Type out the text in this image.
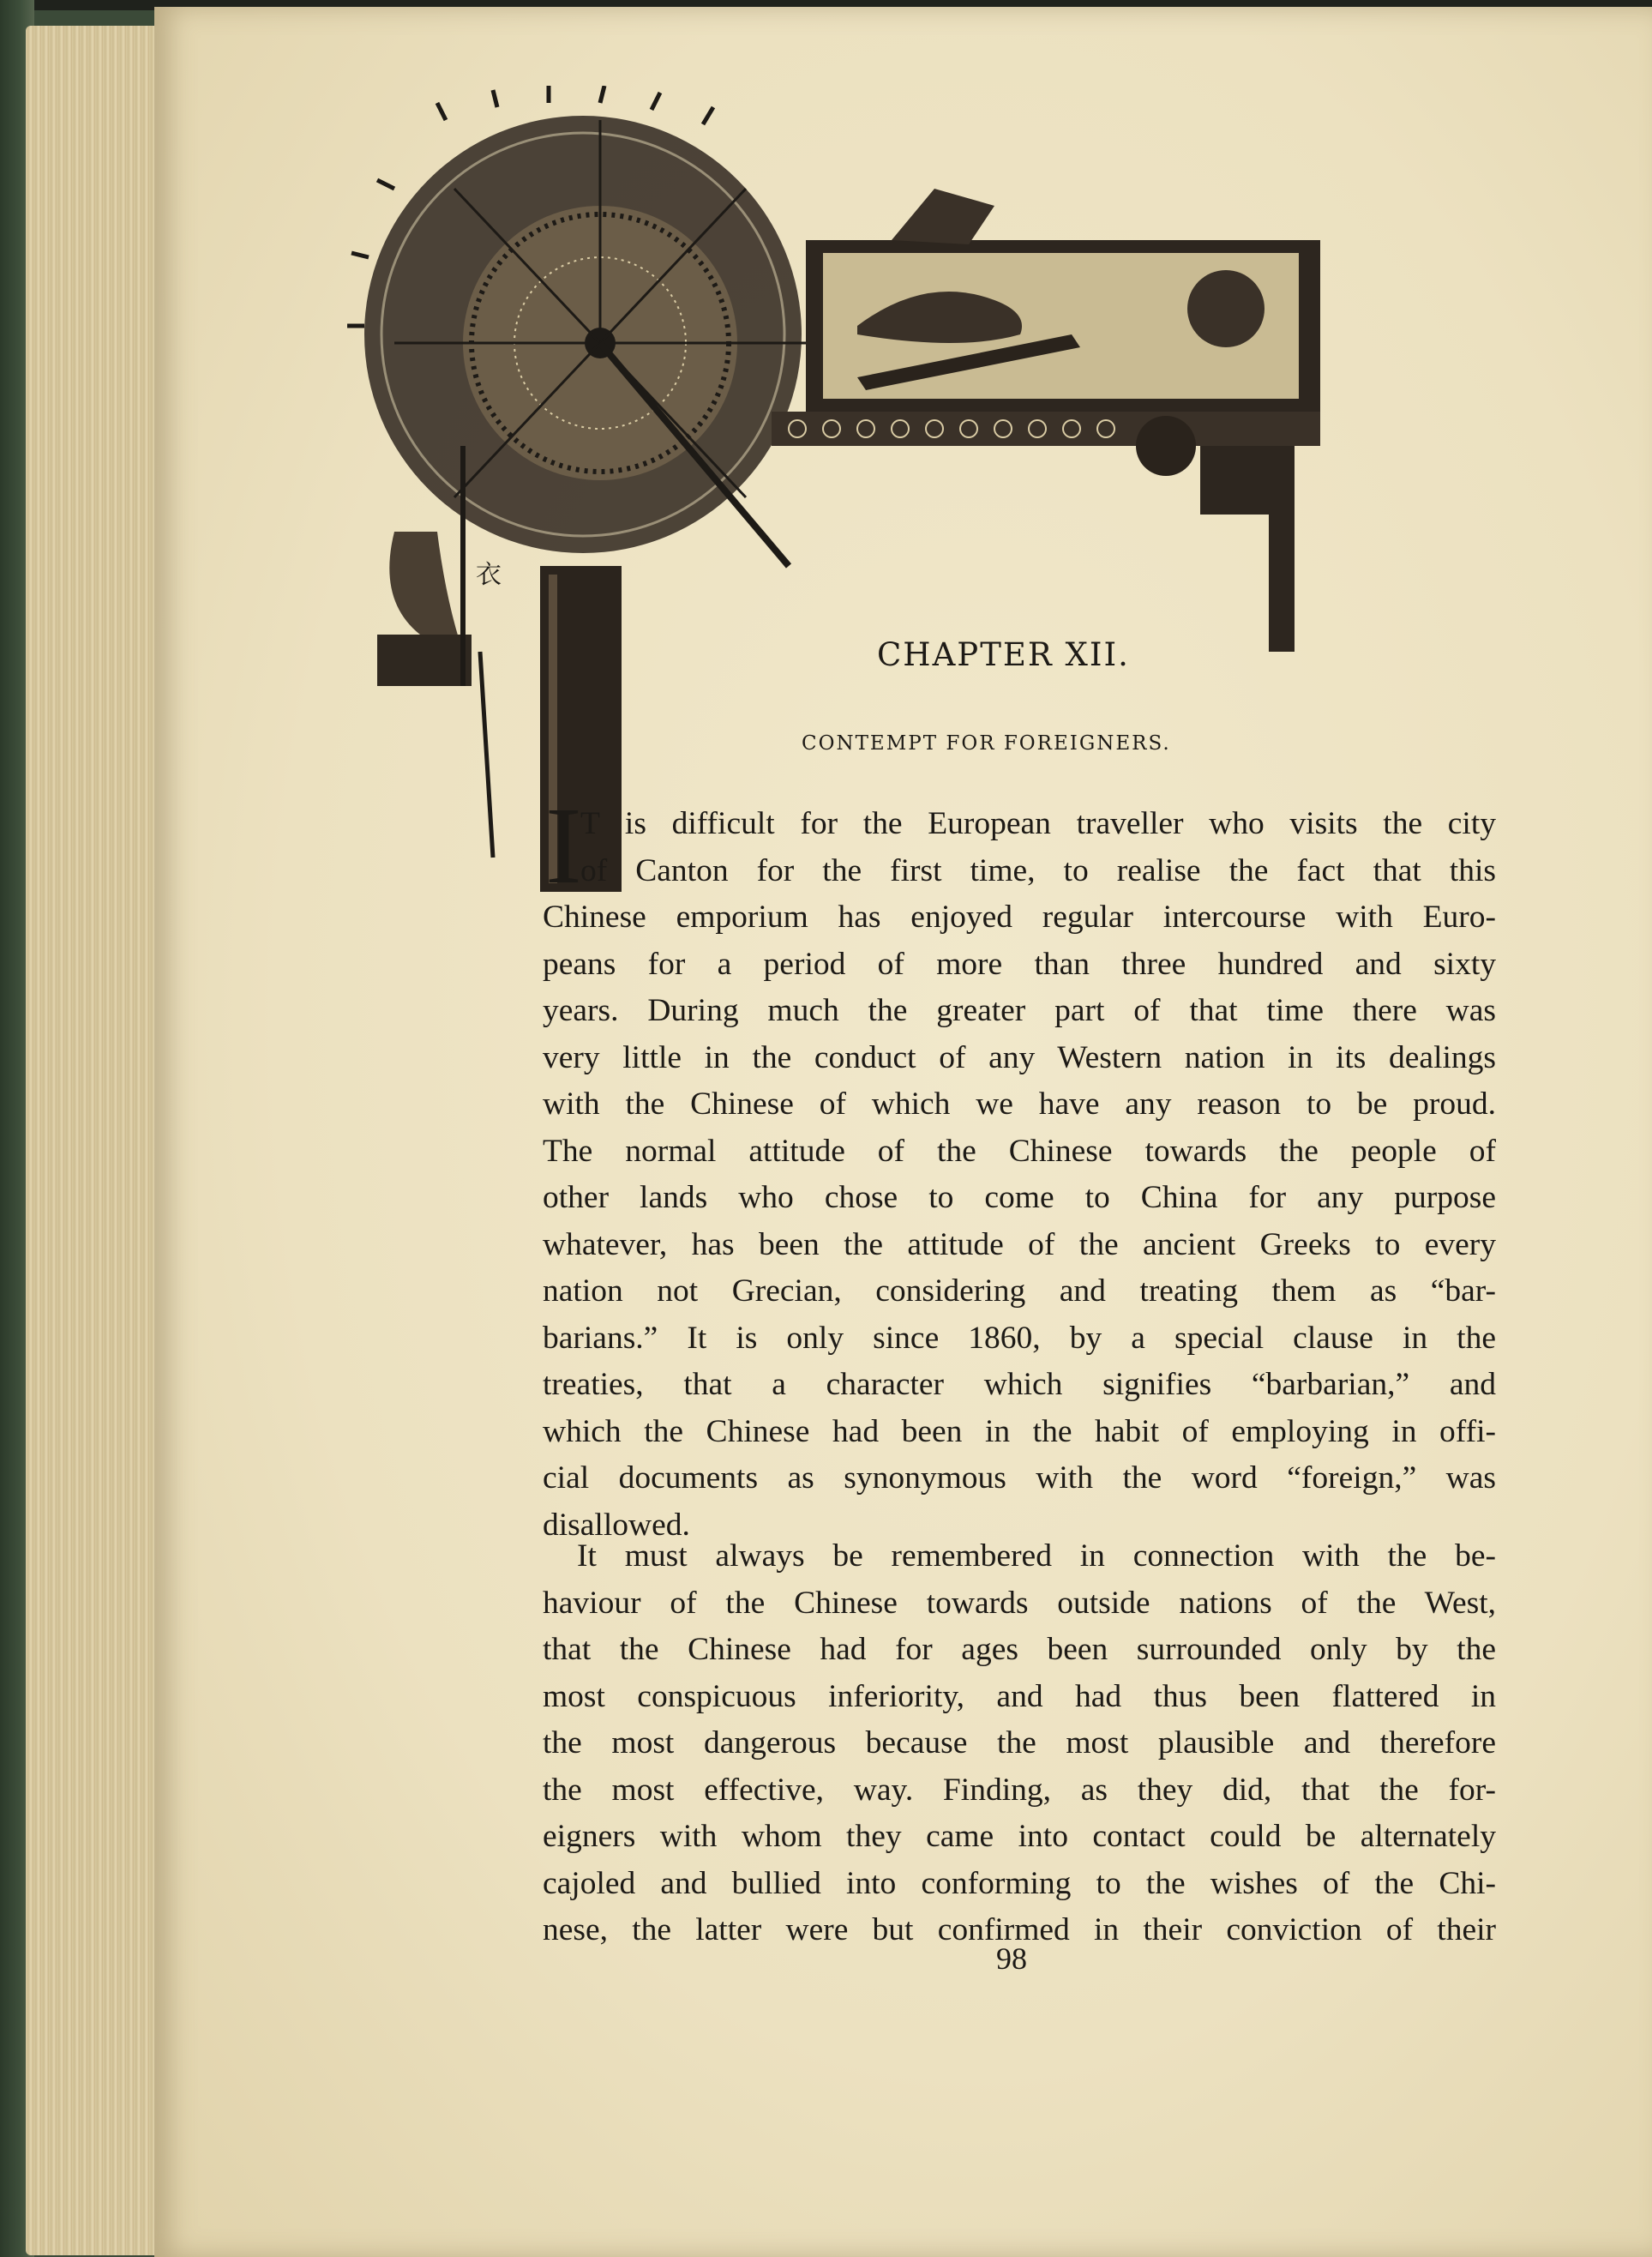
衣
CHAPTER XII.
CONTEMPT FOR FOREIGNERS.
I
T is difficult for the European traveller who visits the city
of Canton for the first time, to realise the fact that this
Chinese emporium has enjoyed regular intercourse with Euro-
peans for a period of more than three hundred and sixty
years. During much the greater part of that time there was
very little in the conduct of any Western nation in its dealings
with the Chinese of which we have any reason to be proud.
The normal attitude of the Chinese towards the people of
other lands who chose to come to China for any purpose
whatever, has been the attitude of the ancient Greeks to every
nation not Grecian, considering and treating them as “bar-
barians.” It is only since 1860, by a special clause in the
treaties, that a character which signifies “barbarian,” and
which the Chinese had been in the habit of employing in offi-
cial documents as synonymous with the word “foreign,” was
disallowed.
It must always be remembered in connection with the be-
haviour of the Chinese towards outside nations of the West,
that the Chinese had for ages been surrounded only by the
most conspicuous inferiority, and had thus been flattered in
the most dangerous because the most plausible and therefore
the most effective, way. Finding, as they did, that the for-
eigners with whom they came into contact could be alternately
cajoled and bullied into conforming to the wishes of the Chi-
nese, the latter were but confirmed in their conviction of their
98
